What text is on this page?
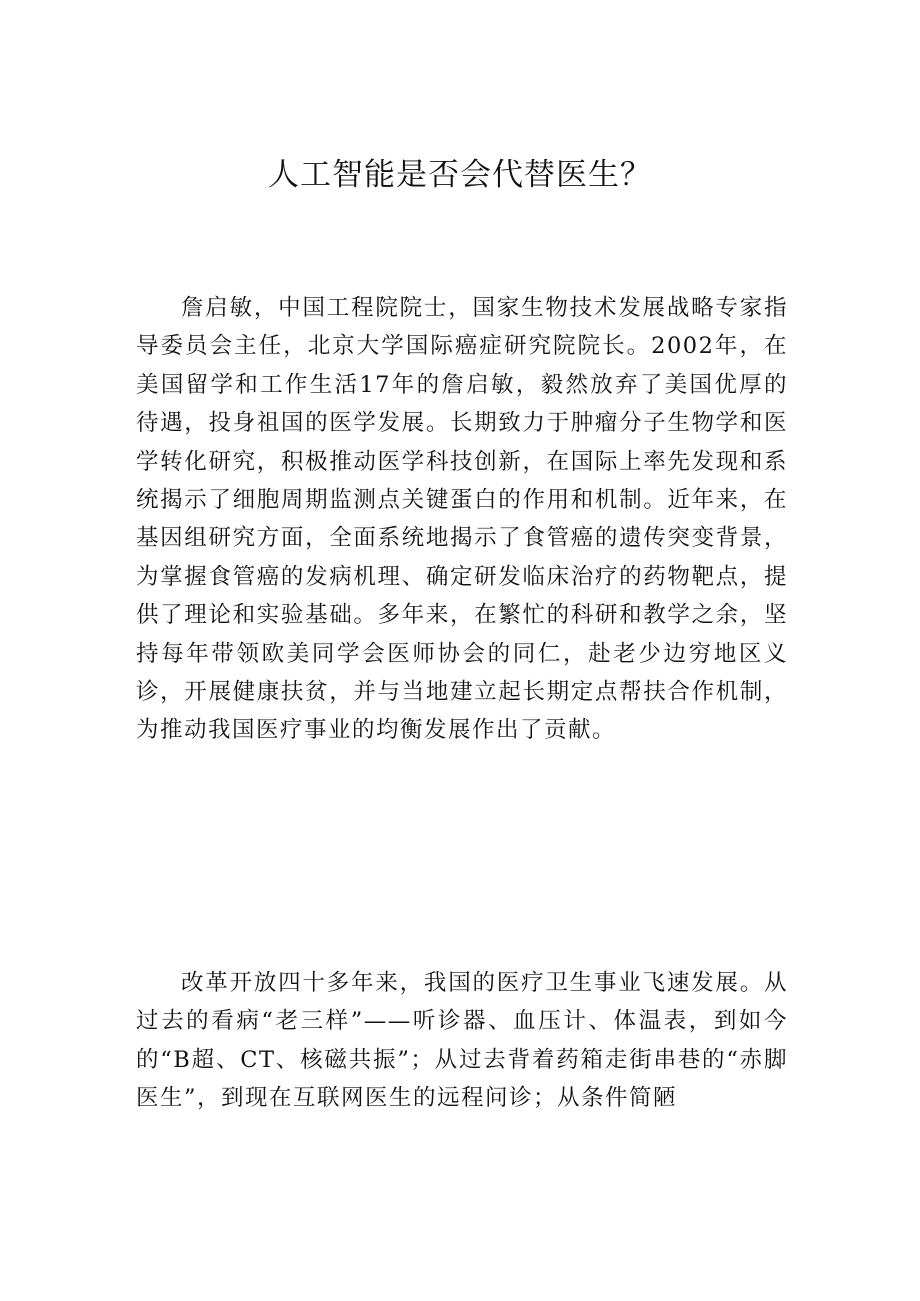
人工智能是否会代替医生？

詹启敏，中国工程院院士，国家生物技术发展战略专家指导委员会主任，北京大学国际癌症研究院院长。2002年，在美国留学和工作生活17年的詹启敏，毅然放弃了美国优厚的待遇，投身祖国的医学发展。长期致力于肿瘤分子生物学和医学转化研究，积极推动医学科技创新，在国际上率先发现和系统揭示了细胞周期监测点关键蛋白的作用和机制。近年来，在基因组研究方面，全面系统地揭示了食管癌的遗传突变背景，为掌握食管癌的发病机理、确定研发临床治疗的药物靶点，提供了理论和实验基础。多年来，在繁忙的科研和教学之余，坚持每年带领欧美同学会医师协会的同仁，赴老少边穷地区义诊，开展健康扶贫，并与当地建立起长期定点帮扶合作机制，为推动我国医疗事业的均衡发展作出了贡献。

改革开放四十多年来，我国的医疗卫生事业飞速发展。从过去的看病“老三样”——听诊器、血压计、体温表，到如今的“B超、CT、核磁共振”；从过去背着药箱走街串巷的“赤脚医生”，到现在互联网医生的远程问诊；从条件简陋
